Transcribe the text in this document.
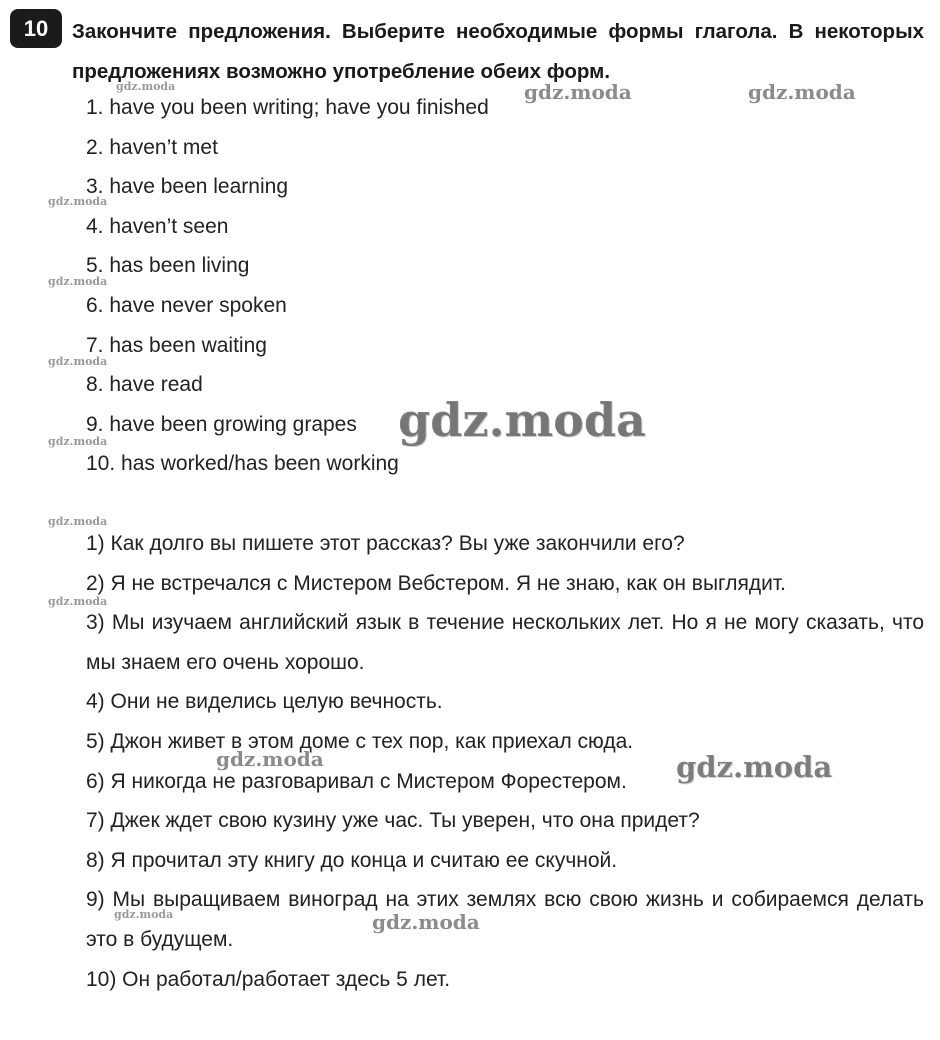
10	Закончите предложения. Выберите необходимые формы глагола. В некоторых предложениях возможно употребление обеих форм.
1. have you been writing; have you finished
2. haven’t met
3. have been learning
4. haven’t seen
5. has been living
6. have never spoken
7. has been waiting
8. have read
9. have been growing grapes
10. has worked/has been working
1) Как долго вы пишете этот рассказ? Вы уже закончили его?
2) Я не встречался с Мистером Вебстером. Я не знаю, как он выглядит.
3) Мы изучаем английский язык в течение нескольких лет. Но я не могу сказать, что мы знаем его очень хорошо.
4) Они не виделись целую вечность.
5) Джон живет в этом доме с тех пор, как приехал сюда.
6) Я никогда не разговаривал с Мистером Форестером.
7) Джек ждет свою кузину уже час. Ты уверен, что она придет?
8) Я прочитал эту книгу до конца и считаю ее скучной.
9) Мы выращиваем виноград на этих землях всю свою жизнь и собираемся делать это в будущем.
10) Он работал/работает здесь 5 лет.
gdz.moda	gdz.moda	gdz.moda
gdz.moda
gdz.moda
gdz.moda
gdz.moda
gdz.moda
gdz.moda
gdz.moda
gdz.moda	gdz.moda
gdz.moda	gdz.moda
